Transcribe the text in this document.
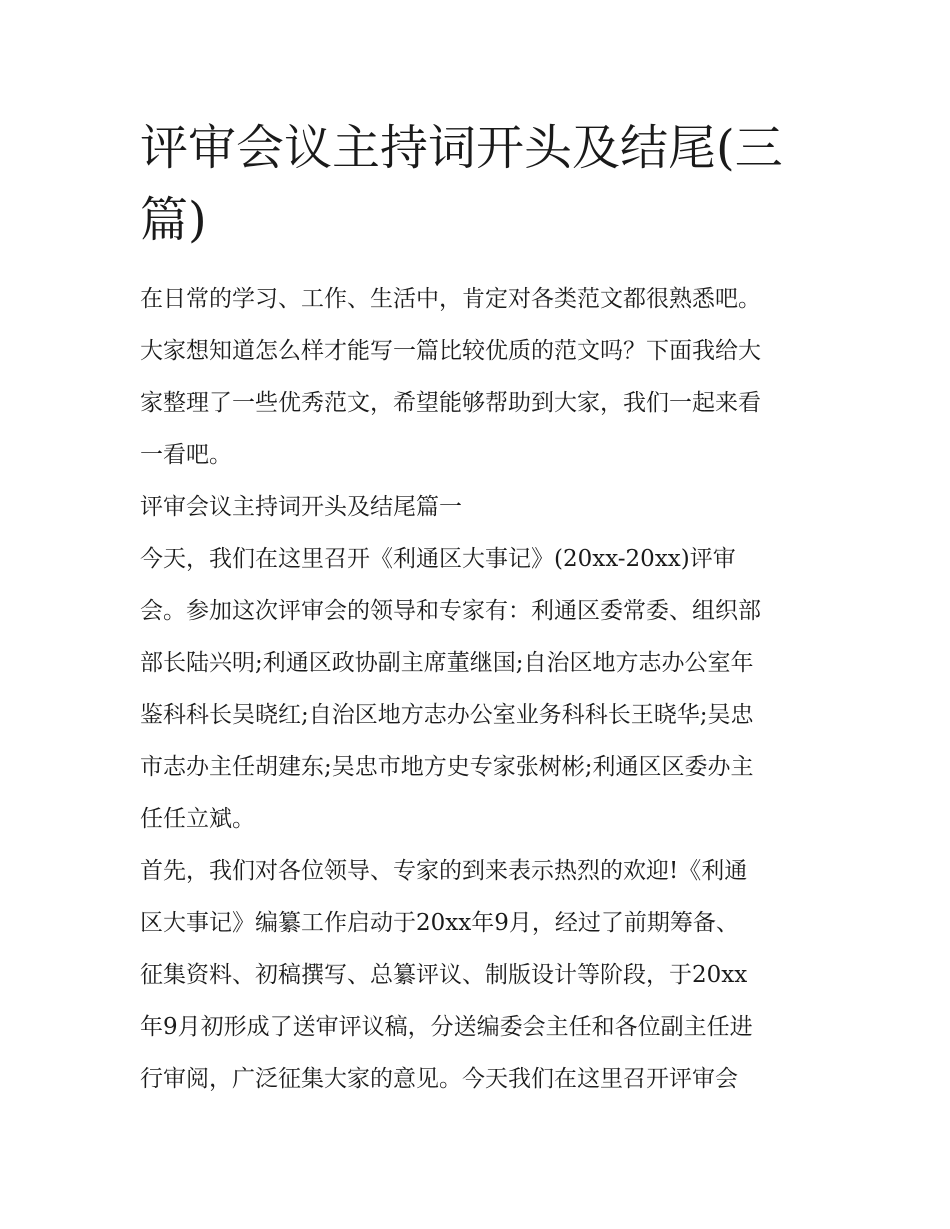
评审会议主持词开头及结尾(三
篇)
在日常的学习、工作、生活中，肯定对各类范文都很熟悉吧。
大家想知道怎么样才能写一篇比较优质的范文吗？下面我给大
家整理了一些优秀范文，希望能够帮助到大家，我们一起来看
一看吧。
评审会议主持词开头及结尾篇一
今天，我们在这里召开《利通区大事记》(20xx-20xx)评审
会。参加这次评审会的领导和专家有：利通区委常委、组织部
部长陆兴明;利通区政协副主席董继国;自治区地方志办公室年
鉴科科长吴晓红;自治区地方志办公室业务科科长王晓华;吴忠
市志办主任胡建东;吴忠市地方史专家张树彬;利通区区委办主
任任立斌。
首先，我们对各位领导、专家的到来表示热烈的欢迎!《利通
区大事记》编纂工作启动于20xx年9月，经过了前期筹备、
征集资料、初稿撰写、总纂评议、制版设计等阶段，于20xx
年9月初形成了送审评议稿，分送编委会主任和各位副主任进
行审阅，广泛征集大家的意见。今天我们在这里召开评审会
